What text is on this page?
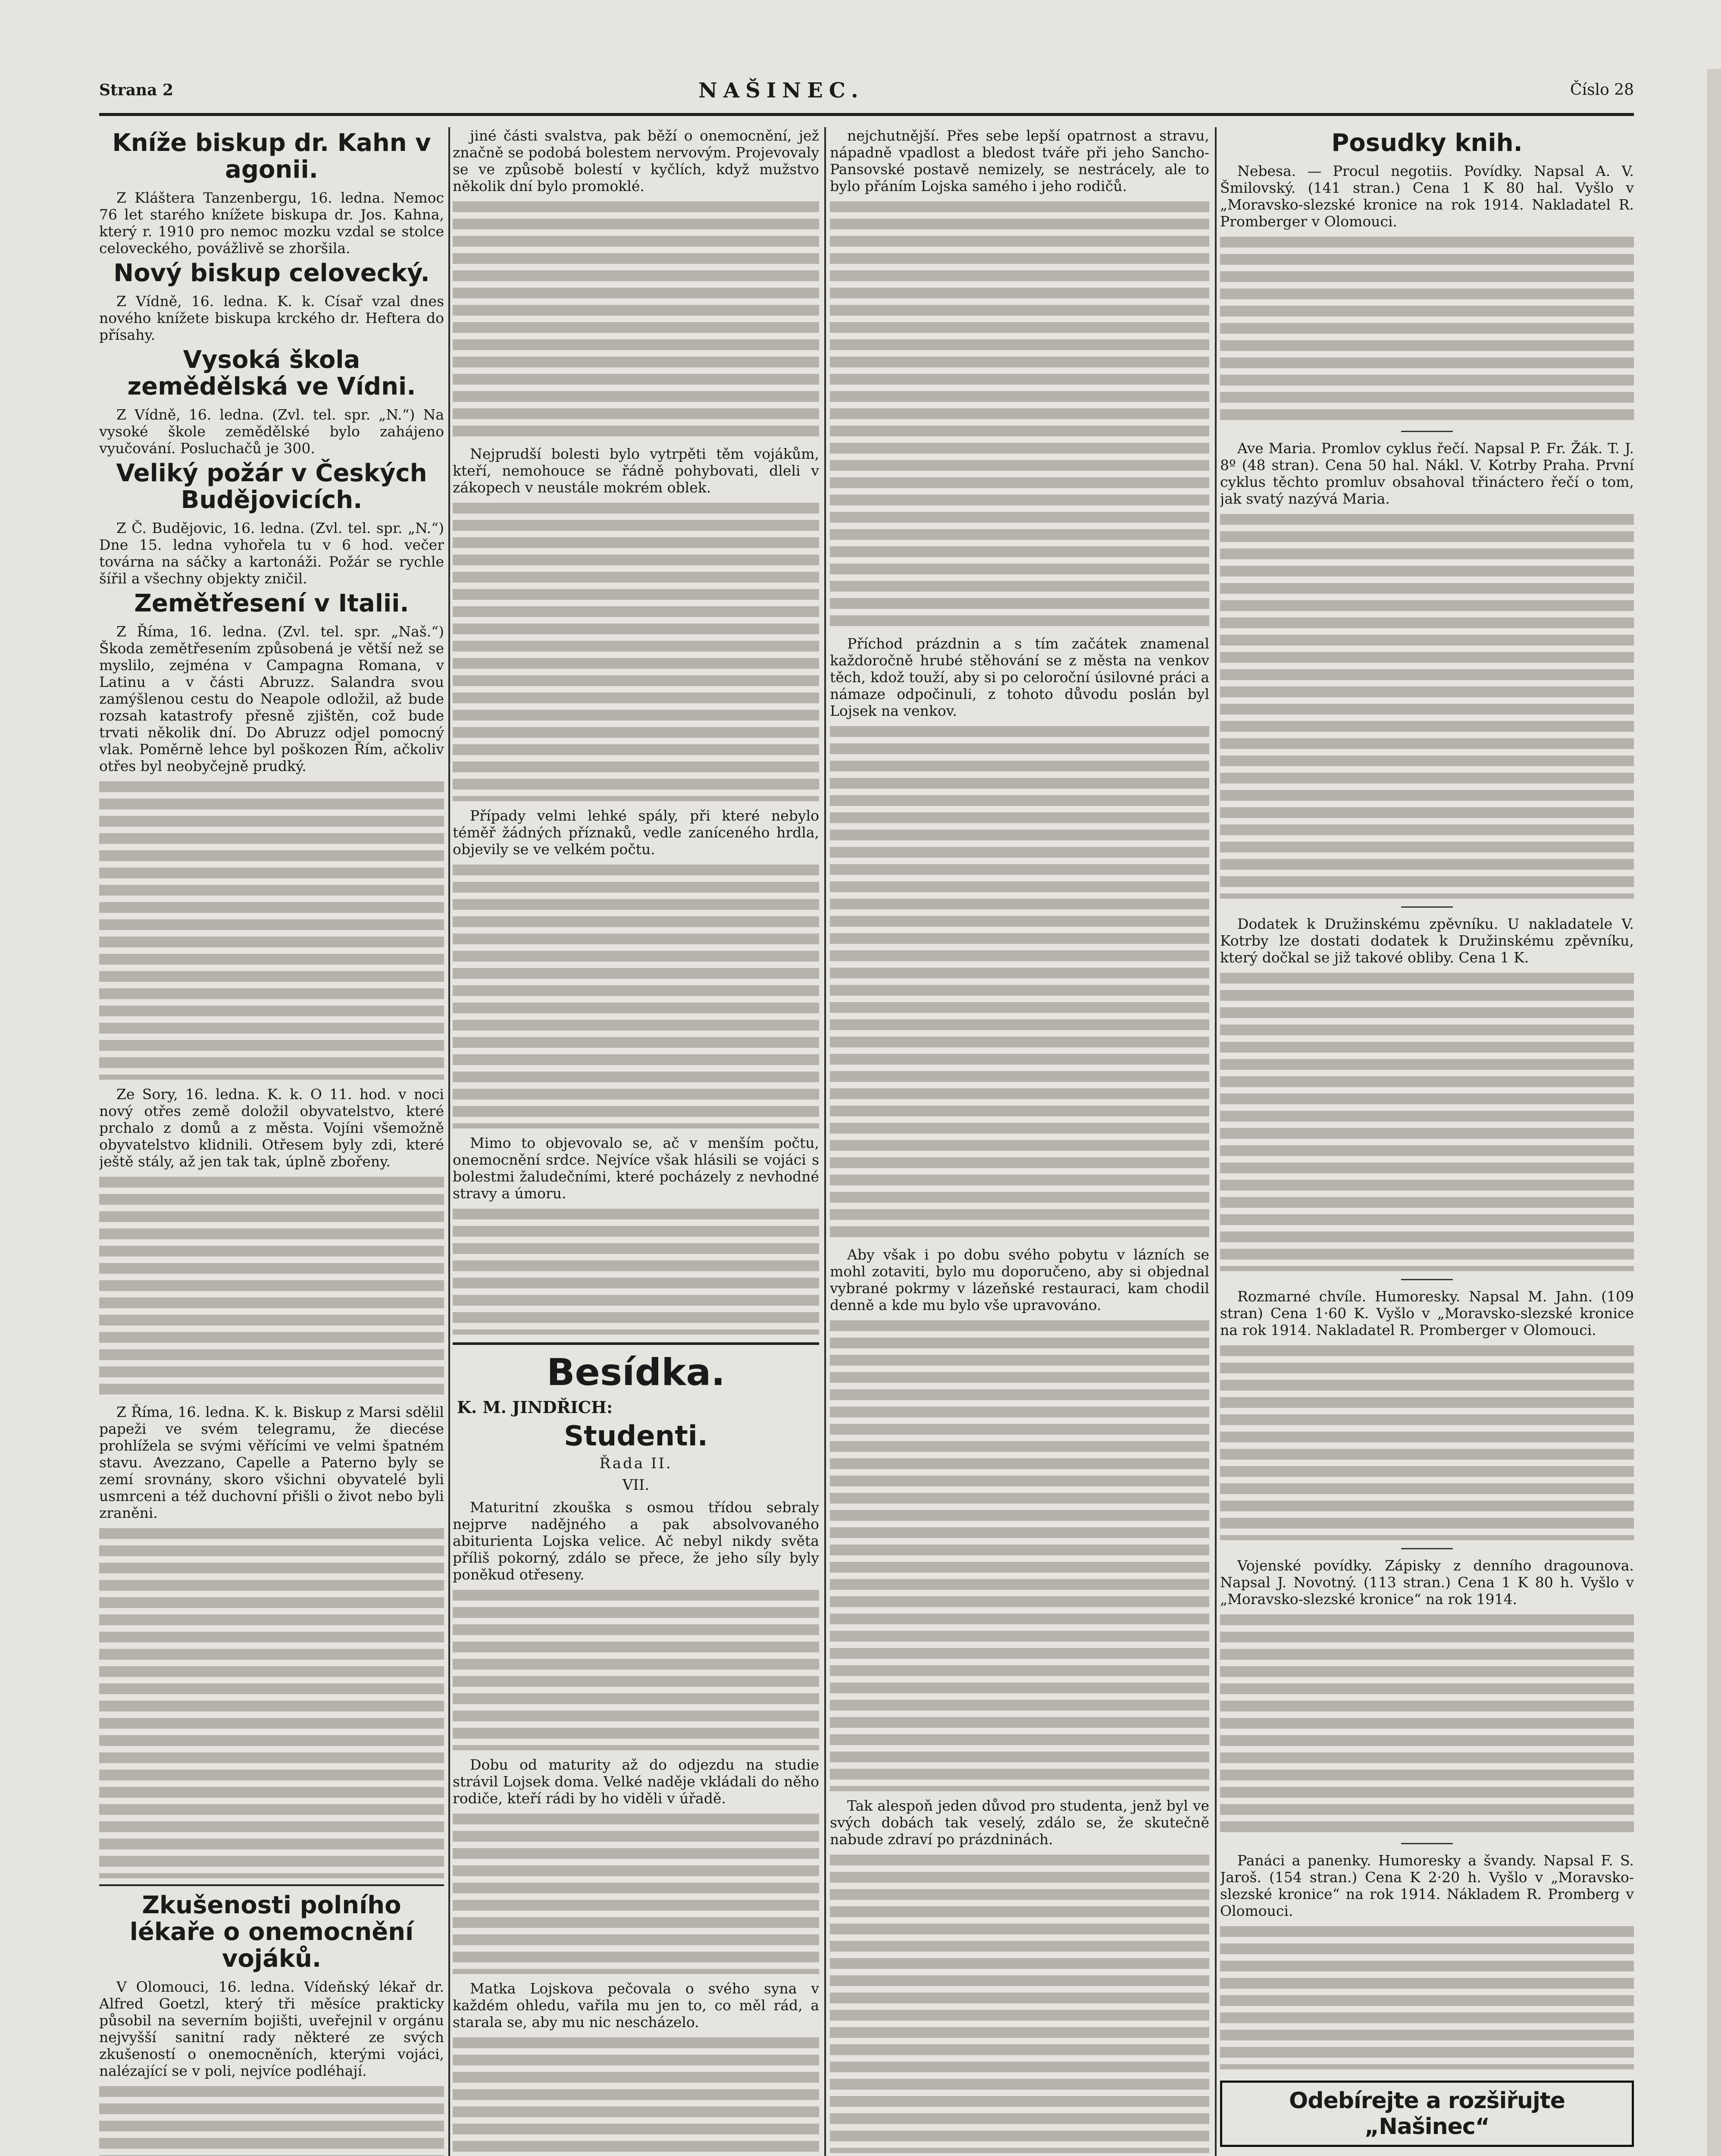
Strana 2	NAŠINEC.	Číslo 28
Kníže biskup dr. Kahn v agonii.
Z Kláštera Tanzenbergu, 16. ledna. Nemoc 76 let starého knížete biskupa dr. Jos. Kahna, který r. 1910 pro nemoc mozku vzdal se stolce celoveckého, povážlivě se zhoršila.
Nový biskup celovecký.
Z Vídně, 16. ledna. K. k. Císař vzal dnes nového knížete biskupa krckého dr. Heftera do přísahy.
Vysoká škola zemědělská ve Vídni.
Z Vídně, 16. ledna. (Zvl. tel. spr. „N.“) Na vysoké škole zemědělské bylo zahájeno vyučování. Posluchačů je 300.
Veliký požár v Českých Budějovicích.
Z Č. Budějovic, 16. ledna. (Zvl. tel. spr. „N.“) Dne 15. ledna vyhořela tu v 6 hod. večer továrna na sáčky a kartonáži. Požár se rychle šířil a všechny objekty zničil.
Zemětřesení v Italii.
Z Říma, 16. ledna. (Zvl. tel. spr. „Naš.“) Škoda zemětřesením způsobená je větší než se myslilo, zejména v Campagna Romana, v Latinu a v části Abruzz. Salandra svou zamýšlenou cestu do Neapole odložil, až bude rozsah katastrofy přesně zjištěn, což bude trvati několik dní. Do Abruzz odjel pomocný vlak. Poměrně lehce byl poškozen Řím, ačkoliv otřes byl neobyčejně prudký.
Ze Sory, 16. ledna. K. k. O 11. hod. v noci nový otřes země doložil obyvatelstvo, které prchalo z domů a z města. Vojíni všemožně obyvatelstvo klidnili. Otřesem byly zdi, které ještě stály, až jen tak tak, úplně zbořeny.
Z Říma, 16. ledna. K. k. Biskup z Marsi sdělil papeži ve svém telegramu, že diecése prohlížela se svými věřícími ve velmi špatném stavu. Avezzano, Capelle a Paterno byly se zemí srovnány, skoro všichni obyvatelé byli usmrceni a též duchovní přišli o život nebo byli zraněni.
Zkušenosti polního lékaře o onemocnění vojáků.
V Olomouci, 16. ledna. Vídeňský lékař dr. Alfred Goetzl, který tři měsíce prakticky působil na severním bojišti, uveřejnil v orgánu nejvyšší sanitní rady některé ze svých zkušeností o onemocněních, kterými vojáci, nalézající se v poli, nejvíce podléhají.
jiné části svalstva, pak běží o onemocnění, jež značně se podobá bolestem nervovým. Projevovaly se ve způsobě bolestí v kyčlích, když mužstvo několik dní bylo promoklé.
Nejprudší bolesti bylo vytrpěti těm vojákům, kteří, nemohouce se řádně pohybovati, dleli v zákopech v neustále mokrém oblek.
Případy velmi lehké spály, při které nebylo téměř žádných příznaků, vedle zaníceného hrdla, objevily se ve velkém počtu.
Mimo to objevovalo se, ač v menším počtu, onemocnění srdce. Nejvíce však hlásili se vojáci s bolestmi žaludečními, které pocházely z nevhodné stravy a úmoru.
Besídka.
K. M. JINDŘICH:
Studenti.
Řada II.
VII.
Maturitní zkouška s osmou třídou sebraly nejprve nadějného a pak absolvovaného abiturienta Lojska velice. Ač nebyl nikdy světa příliš pokorný, zdálo se přece, že jeho síly byly poněkud otřeseny.
Dobu od maturity až do odjezdu na studie strávil Lojsek doma. Velké naděje vkládali do něho rodiče, kteří rádi by ho viděli v úřadě.
Matka Lojskova pečovala o svého syna v každém ohledu, vařila mu jen to, co měl rád, a starala se, aby mu nic nescházelo.
nejchutnější. Přes sebe lepší opatrnost a stravu, nápadně vpadlost a bledost tváře při jeho Sancho-Pansovské postavě nemizely, se nestrácely, ale to bylo přáním Lojska samého i jeho rodičů.
Příchod prázdnin a s tím začátek znamenal každoročně hrubé stěhování se z města na venkov těch, kdož touží, aby si po celoroční úsilovné práci a námaze odpočinuli, z tohoto důvodu poslán byl Lojsek na venkov.
Aby však i po dobu svého pobytu v lázních se mohl zotaviti, bylo mu doporučeno, aby si objednal vybrané pokrmy v lázeňské restauraci, kam chodil denně a kde mu bylo vše upravováno.
Tak alespoň jeden důvod pro studenta, jenž byl ve svých dobách tak veselý, zdálo se, že skutečně nabude zdraví po prázdninách.
Posudky knih.
Nebesa. — Procul negotiis. Povídky. Napsal A. V. Šmilovský. (141 stran.) Cena 1 K 80 hal. Vyšlo v „Moravsko-slezské kronice na rok 1914. Nakladatel R. Promberger v Olomouci.
Ave Maria. Promlov cyklus řečí. Napsal P. Fr. Žák. T. J. 8º (48 stran). Cena 50 hal. Nákl. V. Kotrby Praha. První cyklus těchto promluv obsahoval třináctero řečí o tom, jak svatý nazývá Maria.
Dodatek k Družinskému zpěvníku. U nakladatele V. Kotrby lze dostati dodatek k Družinskému zpěvníku, který dočkal se již takové obliby. Cena 1 K.
Rozmarné chvíle. Humoresky. Napsal M. Jahn. (109 stran) Cena 1·60 K. Vyšlo v „Moravsko-slezské kronice na rok 1914. Nakladatel R. Promberger v Olomouci.
Vojenské povídky. Zápisky z denního dragounova. Napsal J. Novotný. (113 stran.) Cena 1 K 80 h. Vyšlo v „Moravsko-slezské kronice“ na rok 1914.
Panáci a panenky. Humoresky a švandy. Napsal F. S. Jaroš. (154 stran.) Cena K 2·20 h. Vyšlo v „Moravsko-slezské kronice“ na rok 1914. Nákladem R. Promberg v Olomouci.
Odebírejte a rozšiřujte „Našinec“
